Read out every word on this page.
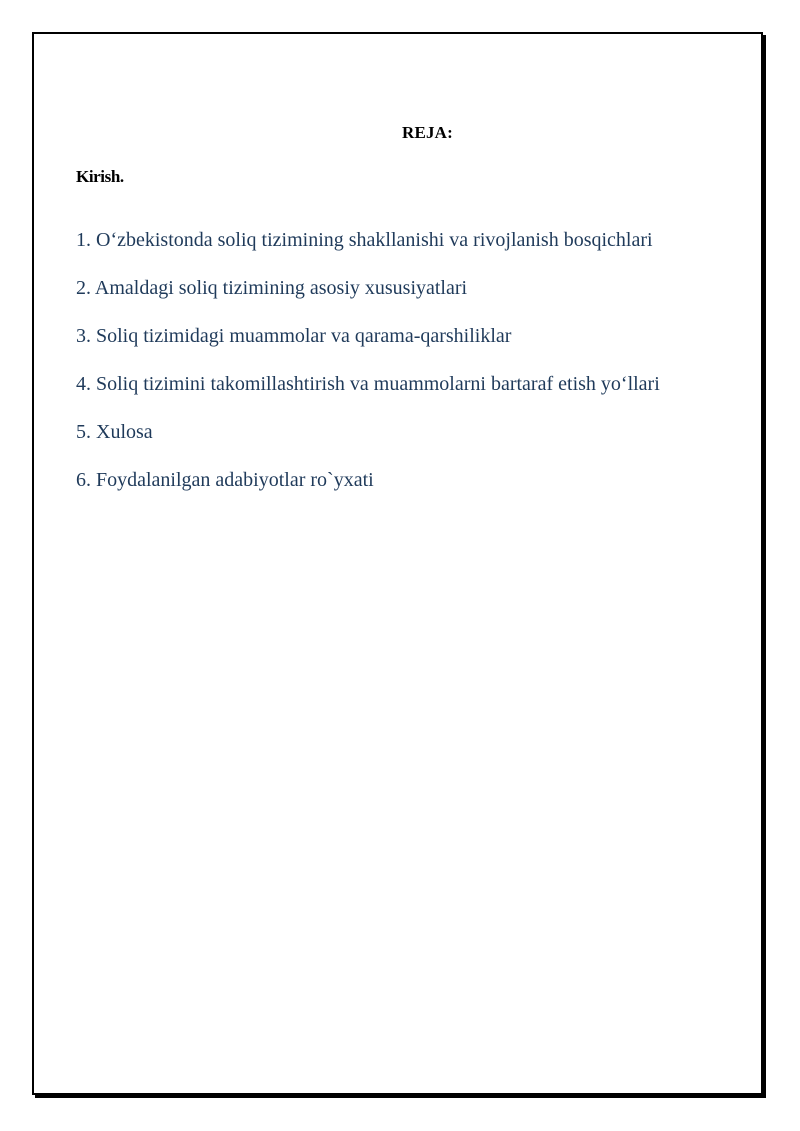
REJA:

Kirish.

1. O‘zbekistonda soliq tizimining shakllanishi va rivojlanish bosqichlari
2. Amaldagi soliq tizimining asosiy xususiyatlari
3. Soliq tizimidagi muammolar va qarama-qarshiliklar
4. Soliq tizimini takomillashtirish va muammolarni bartaraf etish yo‘llari
5. Xulosa
6. Foydalanilgan adabiyotlar ro`yxati
